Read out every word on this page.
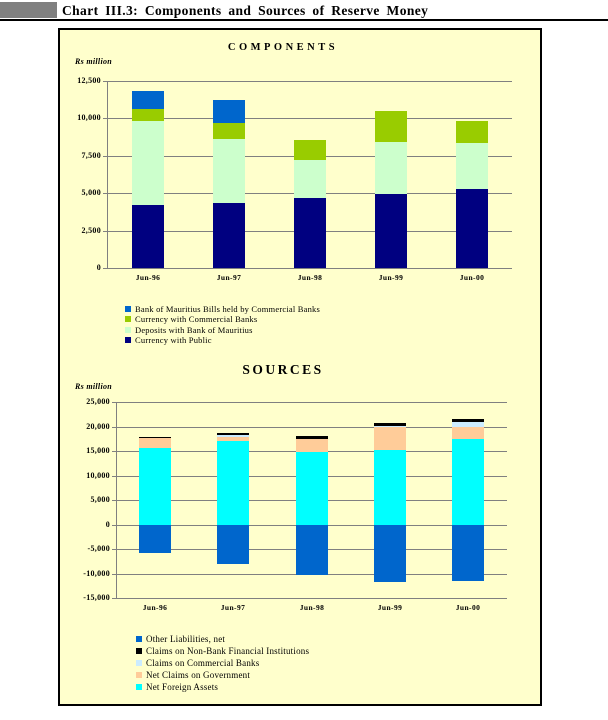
Chart III.3: Components and Sources of Reserve Money
COMPONENTS
Rs million
12,500
10,000
7,500
5,000
2,500
0
Jun-96	Jun-97	Jun-98	Jun-99	Jun-00
Bank of Mauritius Bills held by Commercial Banks
Currency with Commercial Banks
Deposits with Bank of Mauritius
Currency with Public
SOURCES
Rs million
25,000
20,000
15,000
10,000
5,000
0
-5,000
-10,000
-15,000
Jun-96	Jun-97	Jun-98	Jun-99	Jun-00
Other Liabilities, net
Claims on Non-Bank Financial Institutions
Claims on Commercial Banks
Net Claims on Government
Net Foreign Assets
